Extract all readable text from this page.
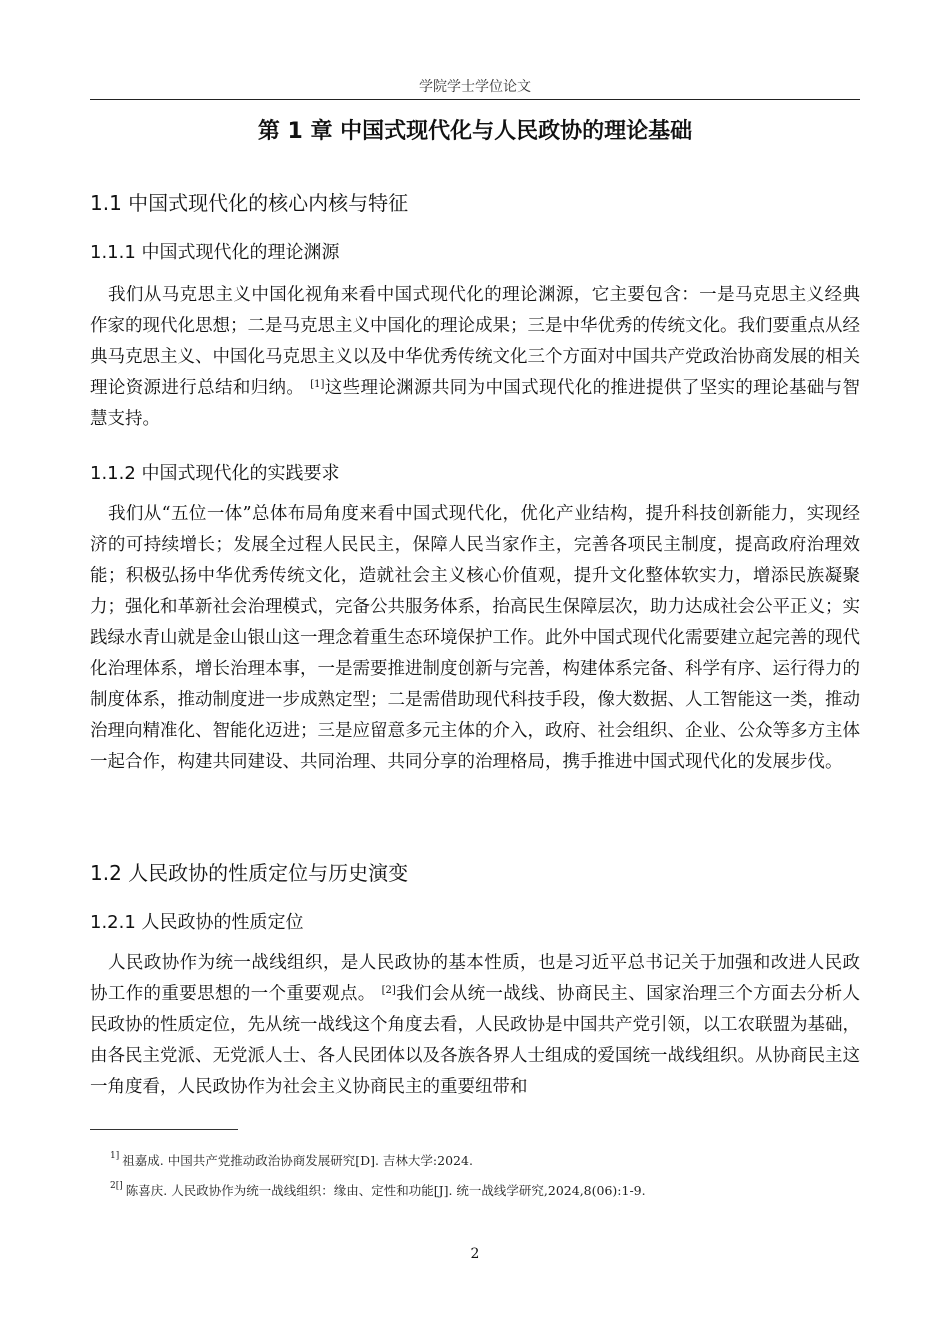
学院学士学位论文
第 1 章 中国式现代化与人民政协的理论基础
1.1 中国式现代化的核心内核与特征
1.1.1 中国式现代化的理论渊源

我们从马克思主义中国化视角来看中国式现代化的理论渊源，它主要包含：一是马克思主义经典作家的现代化思想；二是马克思主义中国化的理论成果；三是中华优秀的传统文化。我们要重点从经典马克思主义、中国化马克思主义以及中华优秀传统文化三个方面对中国共产党政治协商发展的相关理论资源进行总结和归纳。 [1]这些理论渊源共同为中国式现代化的推进提供了坚实的理论基础与智慧支持。

1.1.2 中国式现代化的实践要求

我们从“五位一体”总体布局角度来看中国式现代化，优化产业结构，提升科技创新能力，实现经济的可持续增长；发展全过程人民民主，保障人民当家作主，完善各项民主制度，提高政府治理效能；积极弘扬中华优秀传统文化，造就社会主义核心价值观，提升文化整体软实力，增添民族凝聚力；强化和革新社会治理模式，完备公共服务体系，抬高民生保障层次，助力达成社会公平正义；实践绿水青山就是金山银山这一理念着重生态环境保护工作。此外中国式现代化需要建立起完善的现代化治理体系，增长治理本事，一是需要推进制度创新与完善，构建体系完备、科学有序、运行得力的制度体系，推动制度进一步成熟定型；二是需借助现代科技手段，像大数据、人工智能这一类，推动治理向精准化、智能化迈进；三是应留意多元主体的介入，政府、社会组织、企业、公众等多方主体一起合作，构建共同建设、共同治理、共同分享的治理格局，携手推进中国式现代化的发展步伐。

1.2 人民政协的性质定位与历史演变
1.2.1 人民政协的性质定位

人民政协作为统一战线组织，是人民政协的基本性质，也是习近平总书记关于加强和改进人民政协工作的重要思想的一个重要观点。 [2]我们会从统一战线、协商民主、国家治理三个方面去分析人民政协的性质定位，先从统一战线这个角度去看，人民政协是中国共产党引领，以工农联盟为基础，由各民主党派、无党派人士、各人民团体以及各族各界人士组成的爱国统一战线组织。从协商民主这一角度看，人民政协作为社会主义协商民主的重要纽带和

$^{1]}$ 祖嘉成. 中国共产党推动政治协商发展研究[D]. 吉林大学:2024.

$^{2[]}$ 陈喜庆. 人民政协作为统一战线组织：缘由、定性和功能[J]. 统一战线学研究,2024,8(06):1-9.

2
